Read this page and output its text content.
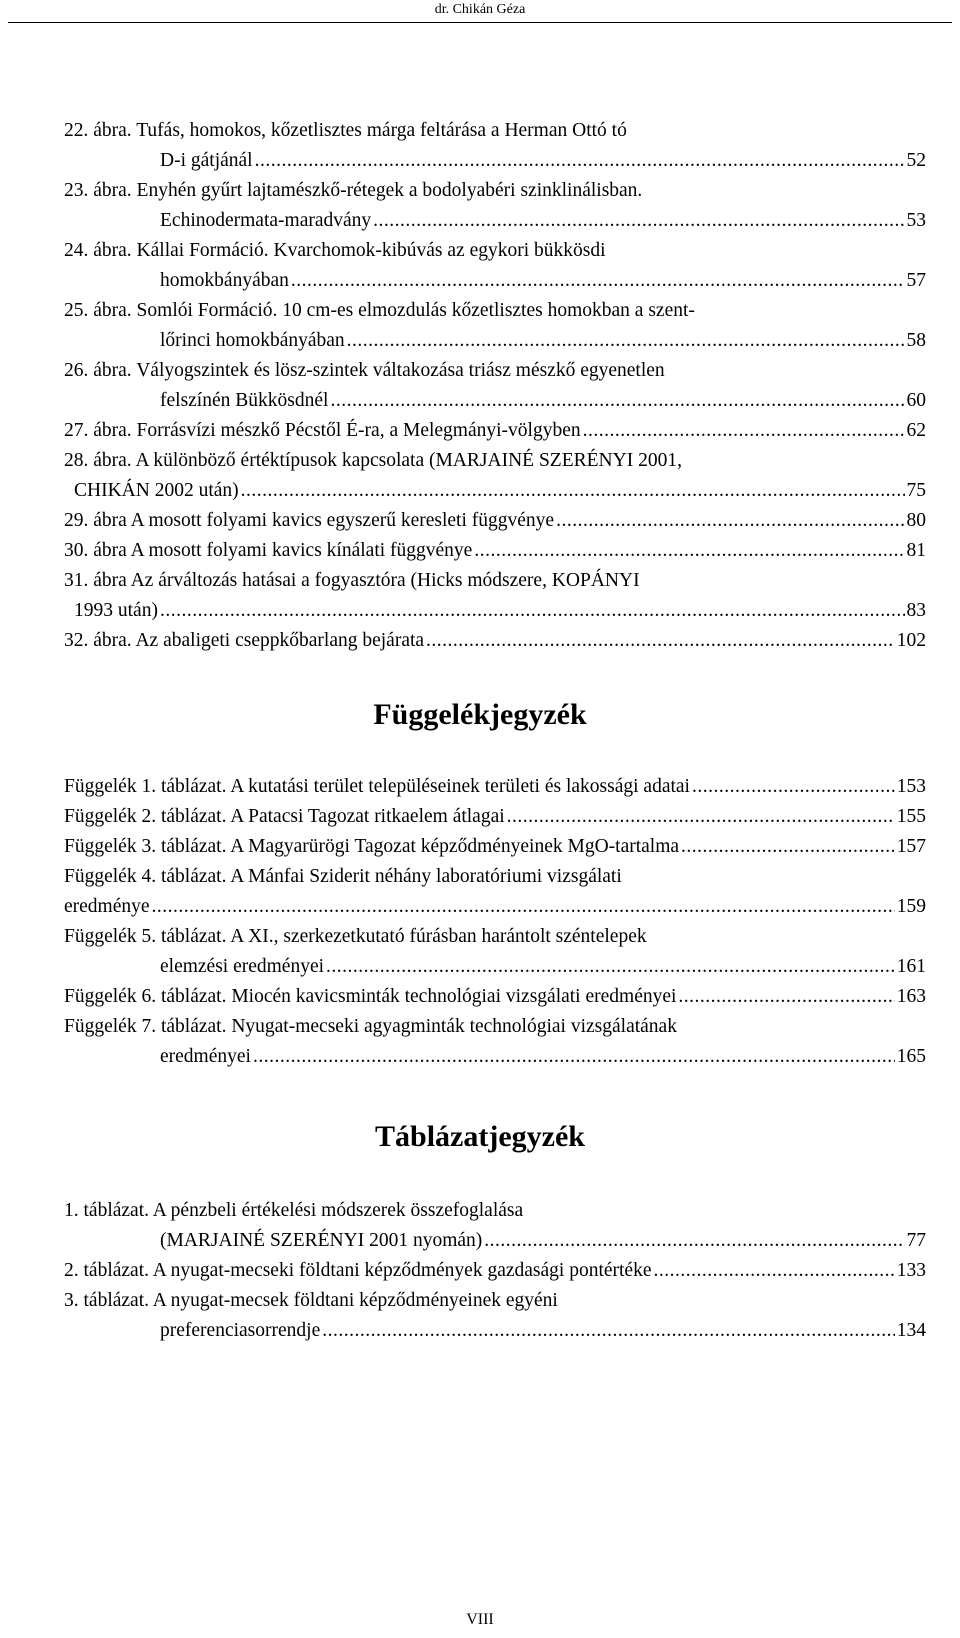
dr. Chikán Géza
22. ábra. Tufás, homokos, kőzetlisztes márga feltárása a Herman Ottó tó
D-i gátjánál .....	52
23. ábra. Enyhén gyűrt lajtamészkő-rétegek a bodolyabéri szinklinálisban.
Echinodermata-maradvány .....	53
24. ábra. Kállai Formáció. Kvarchomok-kibúvás az egykori bükkösdi
homokbányában .....	57
25. ábra. Somlói Formáció. 10 cm-es elmozdulás kőzetlisztes homokban a szent-
lőrinci homokbányában .....	58
26. ábra. Vályogszintek és lösz-szintek váltakozása triász mészkő egyenetlen
felszínén Bükkösdnél .....	60
27. ábra. Forrásvízi mészkő Pécstől É-ra, a Melegmányi-völgyben .....	62
28. ábra. A különböző értéktípusok kapcsolata (MARJAINÉ SZERÉNYI 2001,
CHIKÁN 2002 után) .....	75
29. ábra A mosott folyami kavics egyszerű keresleti függvénye .....	80
30. ábra A mosott folyami kavics kínálati függvénye .....	81
31. ábra Az árváltozás hatásai a fogyasztóra (Hicks módszere, KOPÁNYI
1993 után) .....	83
32. ábra. Az abaligeti cseppkőbarlang bejárata .....	102
Függelékjegyzék
Függelék 1. táblázat. A kutatási terület településeinek területi és lakossági adatai .....	153
Függelék 2. táblázat. A Patacsi Tagozat ritkaelem átlagai .....	155
Függelék 3. táblázat. A Magyarürögi Tagozat képződményeinek MgO-tartalma .....	157
Függelék 4. táblázat. A Mánfai Sziderit néhány laboratóriumi vizsgálati
eredménye .....	159
Függelék 5. táblázat. A XI., szerkezetkutató fúrásban harántolt széntelepek
elemzési eredményei .....	161
Függelék 6. táblázat. Miocén kavicsminták technológiai vizsgálati eredményei .....	163
Függelék 7. táblázat. Nyugat-mecseki agyagminták technológiai vizsgálatának
eredményei .....	165
Táblázatjegyzék
1. táblázat. A pénzbeli értékelési módszerek összefoglalása
(MARJAINÉ SZERÉNYI 2001 nyomán) .....	77
2. táblázat. A nyugat-mecseki földtani képződmények gazdasági pontértéke .....	133
3. táblázat. A nyugat-mecsek földtani képződményeinek egyéni
preferenciasorrendje .....	134
VIII
